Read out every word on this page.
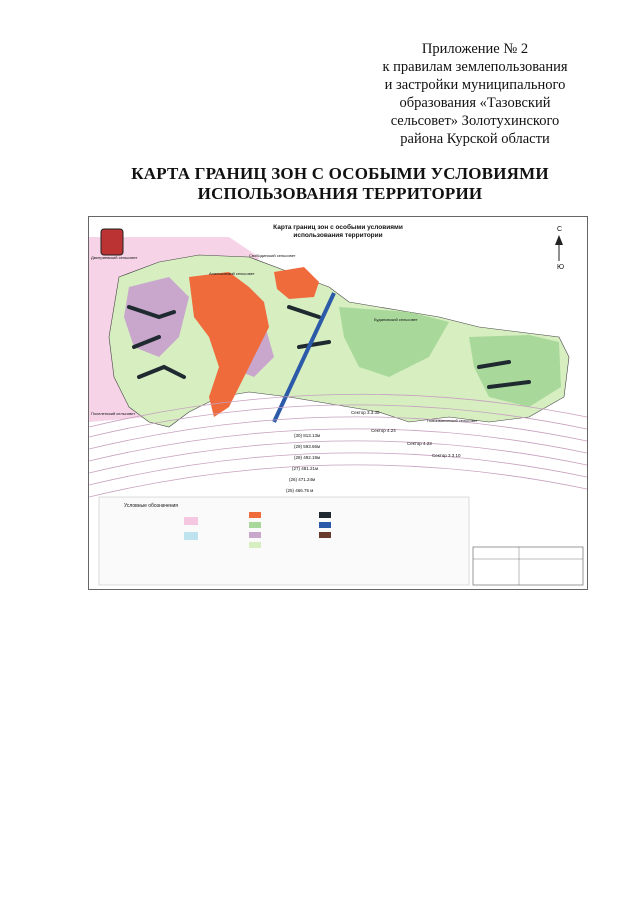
Приложение № 2
к правилам землепользования
и застройки муниципального
образования «Тазовский
сельсовет» Золотухинского
района Курской области
КАРТА ГРАНИЦ ЗОН С ОСОБЫМИ УСЛОВИЯМИ
ИСПОЛЬЗОВАНИЯ ТЕРРИТОРИИ
Карта границ зон с особыми условиями
использования территории
С
Ю
Дмитриевский сельсовет	Свободинский сельсовет
Апальковский сельсовет
Будановский сельсовет
Поселенский сельсовет
Новоивановский сельсовет
Сектор 3.3.35
Сектор 4.24
Сектор 4.23
Сектор 3.3.10
(30) 813.13м
(29) 593.66м
(28) 492.19м
(27) 481.21м
(26) 471.24м
(25) 466.75 м
Условные обозначения
